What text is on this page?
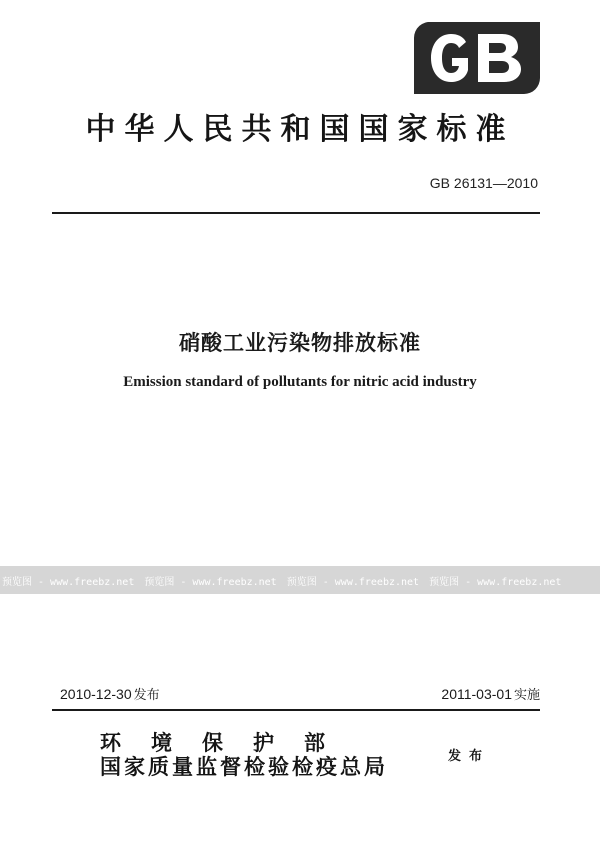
中华人民共和国国家标准
GB 26131—2010
硝酸工业污染物排放标准
Emission standard of pollutants for nitric acid industry
预览图 - www.freebz.net 预览图 - www.freebz.net 预览图 - www.freebz.net 预览图 - www.freebz.net
2010-12-30 发布	2011-03-01 实施
环境保护部
国家质量监督检验检疫总局	发布
